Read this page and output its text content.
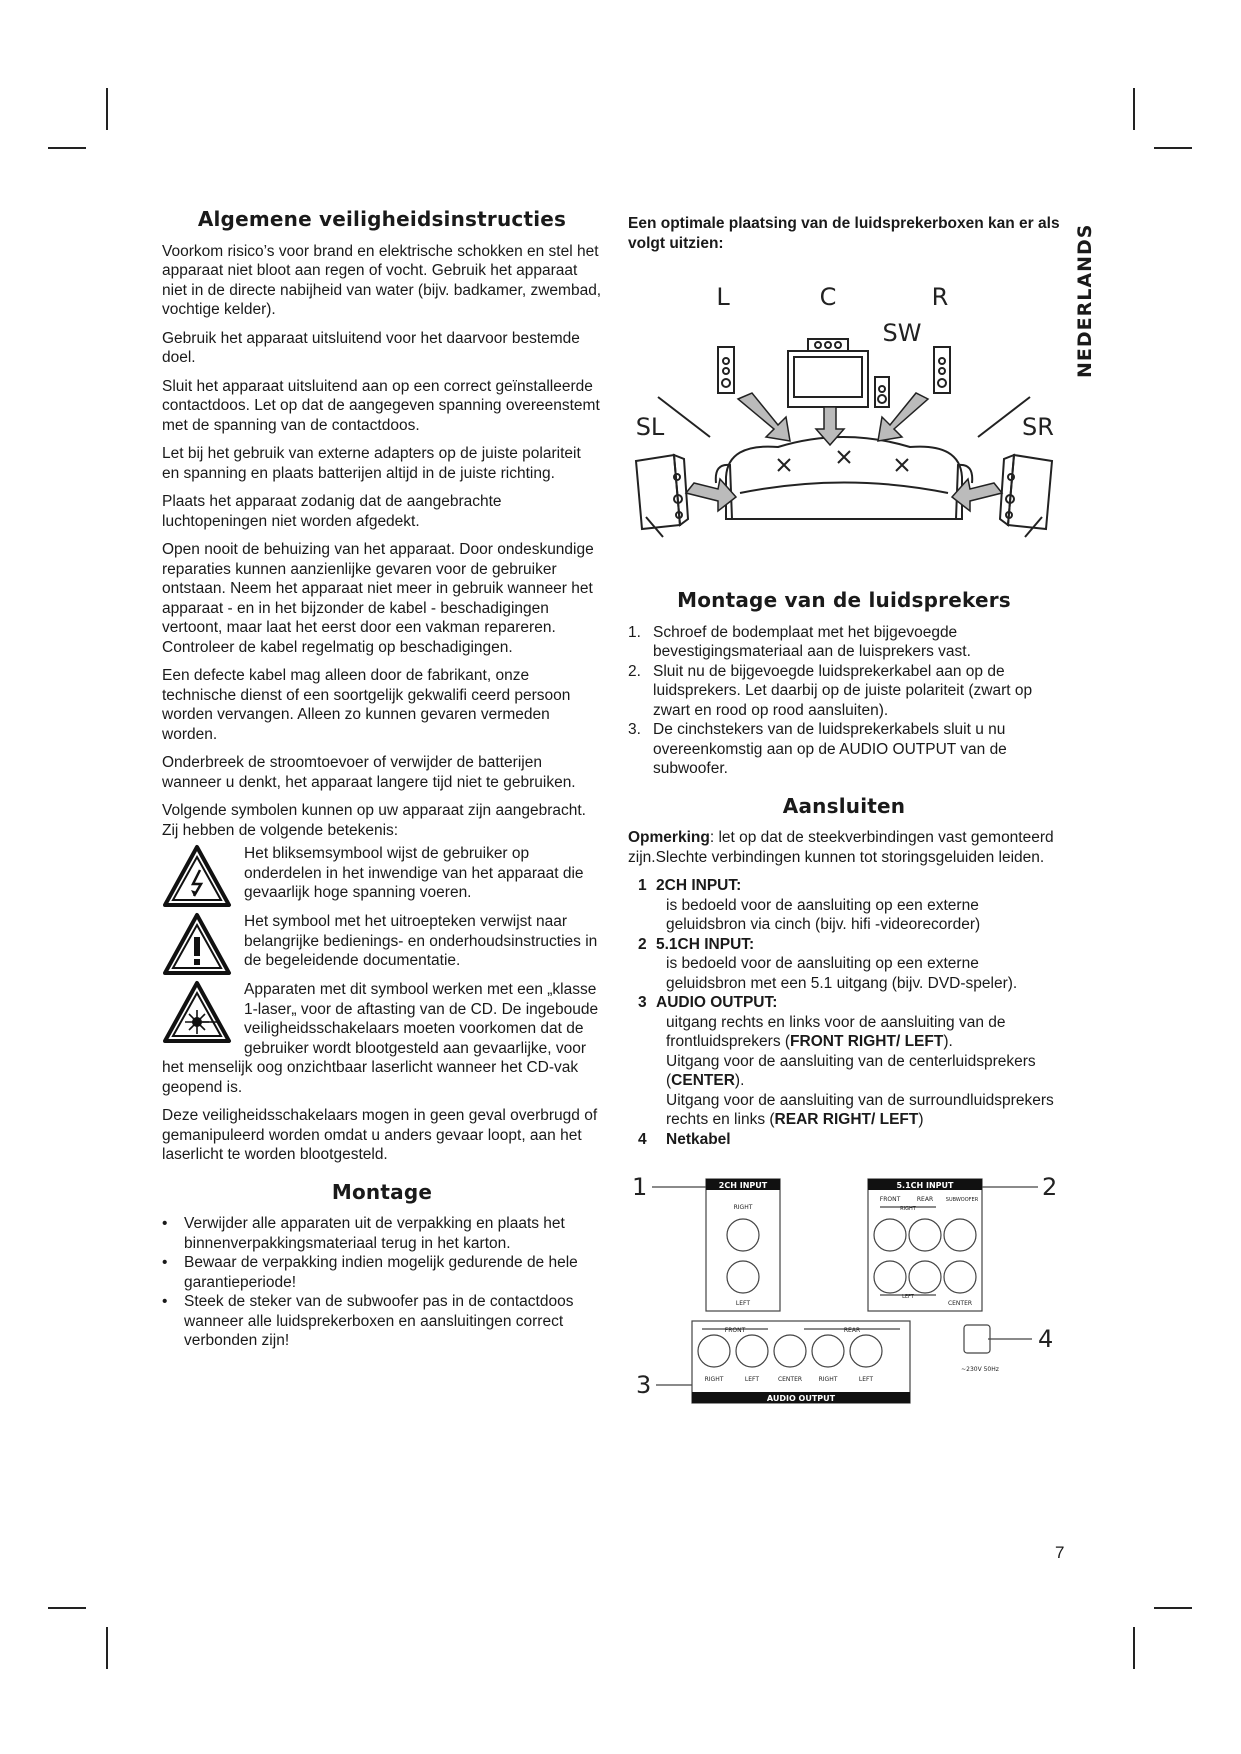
NEDERLANDS
Algemene veiligheidsinstructies

Voorkom risico’s voor brand en elektrische schokken en stel het apparaat niet bloot aan regen of vocht. Gebruik het apparaat niet in de directe nabijheid van water (bijv. badkamer, zwembad, vochtige kelder).

Gebruik het apparaat uitsluitend voor het daarvoor bestemde doel.

Sluit het apparaat uitsluitend aan op een correct geïnstalleerde contactdoos. Let op dat de aangegeven spanning overeenstemt met de spanning van de contactdoos.

Let bij het gebruik van externe adapters op de juiste polariteit en spanning en plaats batterijen altijd in de juiste richting.

Plaats het apparaat zodanig dat de aangebrachte luchtopeningen niet worden afgedekt.

Open nooit de behuizing van het apparaat. Door ondeskundige reparaties kunnen aanzienlijke gevaren voor de gebruiker ontstaan. Neem het apparaat niet meer in gebruik wanneer het apparaat - en in het bijzonder de kabel - beschadigingen vertoont, maar laat het eerst door een vakman repareren. Controleer de kabel regelmatig op beschadigingen.

Een defecte kabel mag alleen door de fabrikant, onze technische dienst of een soortgelijk gekwalifi ceerd persoon worden vervangen. Alleen zo kunnen gevaren vermeden worden.

Onderbreek de stroomtoevoer of verwijder de batterijen wanneer u denkt, het apparaat langere tijd niet te gebruiken.

Volgende symbolen kunnen op uw apparaat zijn aangebracht. Zij hebben de volgende betekenis:

Het bliksemsymbool wijst de gebruiker op onderdelen in het inwendige van het apparaat die gevaarlijk hoge spanning voeren.
Het symbool met het uitroepteken verwijst naar belangrijke bedienings- en onderhoudsinstructies in de begeleidende documentatie.
Apparaten met dit symbool werken met een „klasse 1-laser„ voor de aftasting van de CD. De ingeboude veiligheidsschakelaars moeten voorkomen dat de gebruiker wordt blootgesteld aan gevaarlijke, voor het menselijk oog onzichtbaar laserlicht wanneer het CD-vak geopend is.

Deze veiligheidsschakelaars mogen in geen geval overbrugd of gemanipuleerd worden omdat u anders gevaar loopt, aan het laserlicht te worden blootgesteld.

Montage
•	Verwijder alle apparaten uit de verpakking en plaats het binnenverpakkingsmateriaal terug in het karton.
•	Bewaar de verpakking indien mogelijk gedurende de hele garantieperiode!
•	Steek de steker van de subwoofer pas in de contactdoos wanneer alle luidsprekerboxen en aansluitingen correct verbonden zijn!

Een optimale plaatsing van de luidsprekerboxen kan er als volgt uitzien:

L	C	R
SW
SL	SR
Montage van de luidsprekers
1. Schroef de bodemplaat met het bijgevoegde bevestigingsmateriaal aan de luisprekers vast.
2. Sluit nu de bijgevoegde luidsprekerkabel aan op de luidsprekers. Let daarbij op de juiste polariteit (zwart op zwart en rood op rood aansluiten).
3. De cinchstekers van de luidsprekerkabels sluit u nu overeenkomstig aan op de AUDIO OUTPUT van de subwoofer.
Aansluiten

Opmerking: let op dat de steekverbindingen vast gemonteerd zijn.Slechte verbindingen kunnen tot storingsgeluiden leiden.

1 2CH INPUT:
is bedoeld voor de aansluiting op een externe geluidsbron via cinch (bijv. hifi -videorecorder)
2 5.1CH INPUT:
is bedoeld voor de aansluiting op een externe geluidsbron met een 5.1 uitgang (bijv. DVD-speler).
3 AUDIO OUTPUT:
uitgang rechts en links voor de aansluiting van de frontluidsprekers (FRONT RIGHT/ LEFT).
Uitgang voor de aansluiting van de centerluidsprekers (CENTER).
Uitgang voor de aansluiting van de surroundluidsprekers rechts en links (REAR RIGHT/ LEFT)
4 Netkabel
1	2
3
4
2CH INPUT
RIGHT
LEFT
5.1CH INPUT
FRONT	REAR	SUBWOOFER
RIGHT
LEFT
CENTER
FRONT	REAR
RIGHT	LEFT	CENTER	RIGHT	LEFT
AUDIO OUTPUT
~230V 50Hz
7
